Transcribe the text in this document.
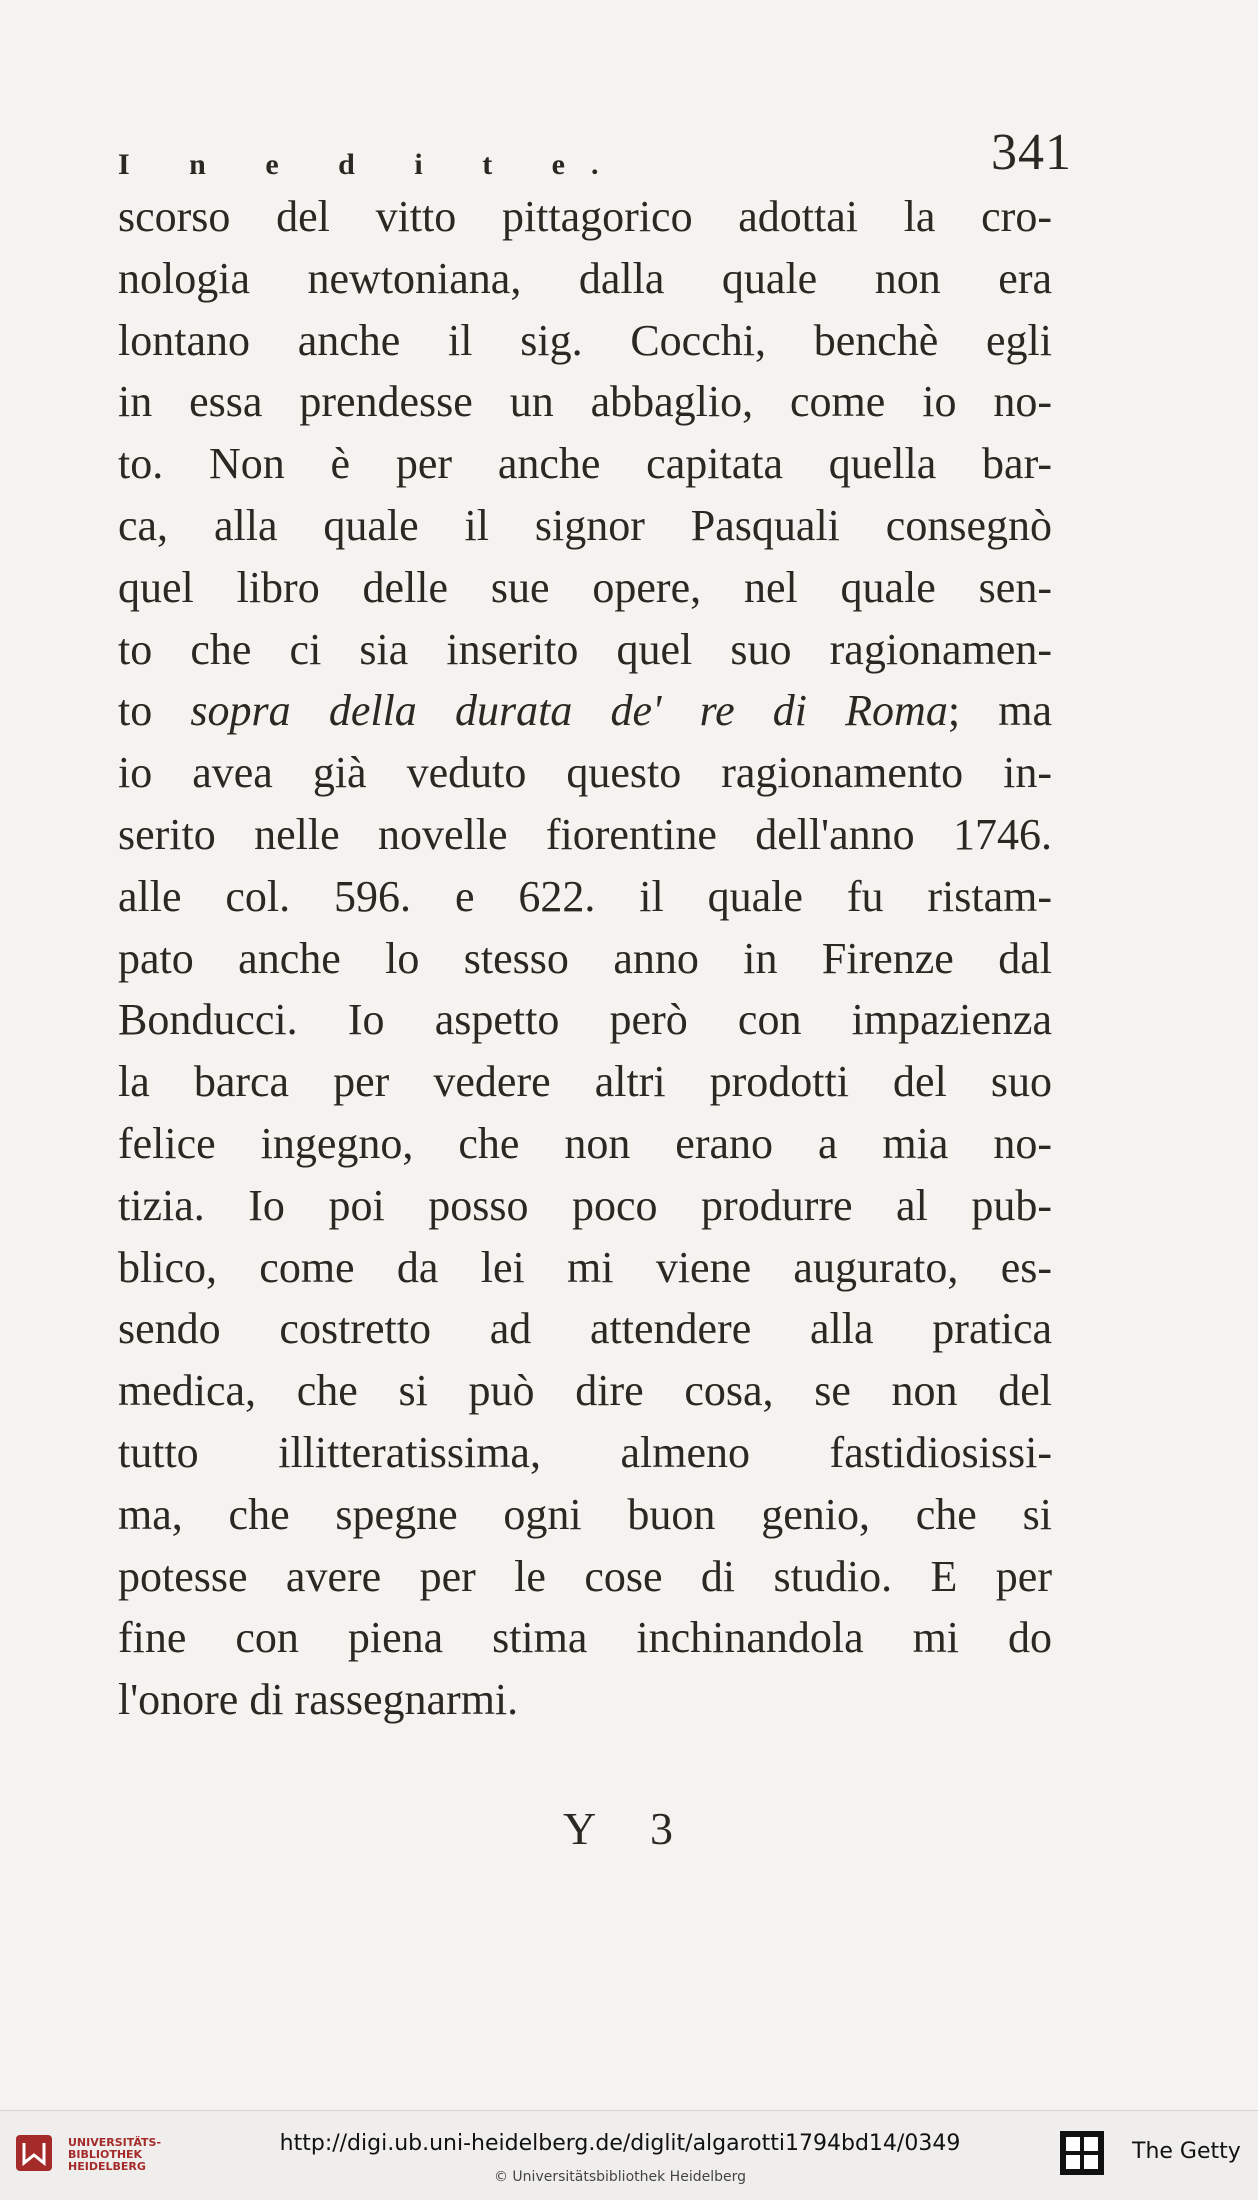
I n e d i t e.	341
scorso del vitto pittagorico adottai la cro-
nologia newtoniana, dalla quale non era
lontano anche il sig. Cocchi, benchè egli
in essa prendesse un abbaglio, come io no-
to. Non è per anche capitata quella bar-
ca, alla quale il signor Pasquali consegnò
quel libro delle sue opere, nel quale sen-
to che ci sia inserito quel suo ragionamen-
to sopra della durata de' re di Roma; ma
io avea già veduto questo ragionamento in-
serito nelle novelle fiorentine dell'anno 1746.
alle col. 596. e 622. il quale fu ristam-
pato anche lo stesso anno in Firenze dal
Bonducci. Io aspetto però con impazienza
la barca per vedere altri prodotti del suo
felice ingegno, che non erano a mia no-
tizia. Io poi posso poco produrre al pub-
blico, come da lei mi viene augurato, es-
sendo costretto ad attendere alla pratica
medica, che si può dire cosa, se non del
tutto illitteratissima, almeno fastidiosissi-
ma, che spegne ogni buon genio, che si
potesse avere per le cose di studio. E per
fine con piena stima inchinandola mi do
l'onore di rassegnarmi.
Y 3
UNIVERSITÄTS-
BIBLIOTHEK
HEIDELBERG
http://digi.ub.uni-heidelberg.de/diglit/algarotti1794bd14/0349
© Universitätsbibliothek Heidelberg
The Getty
